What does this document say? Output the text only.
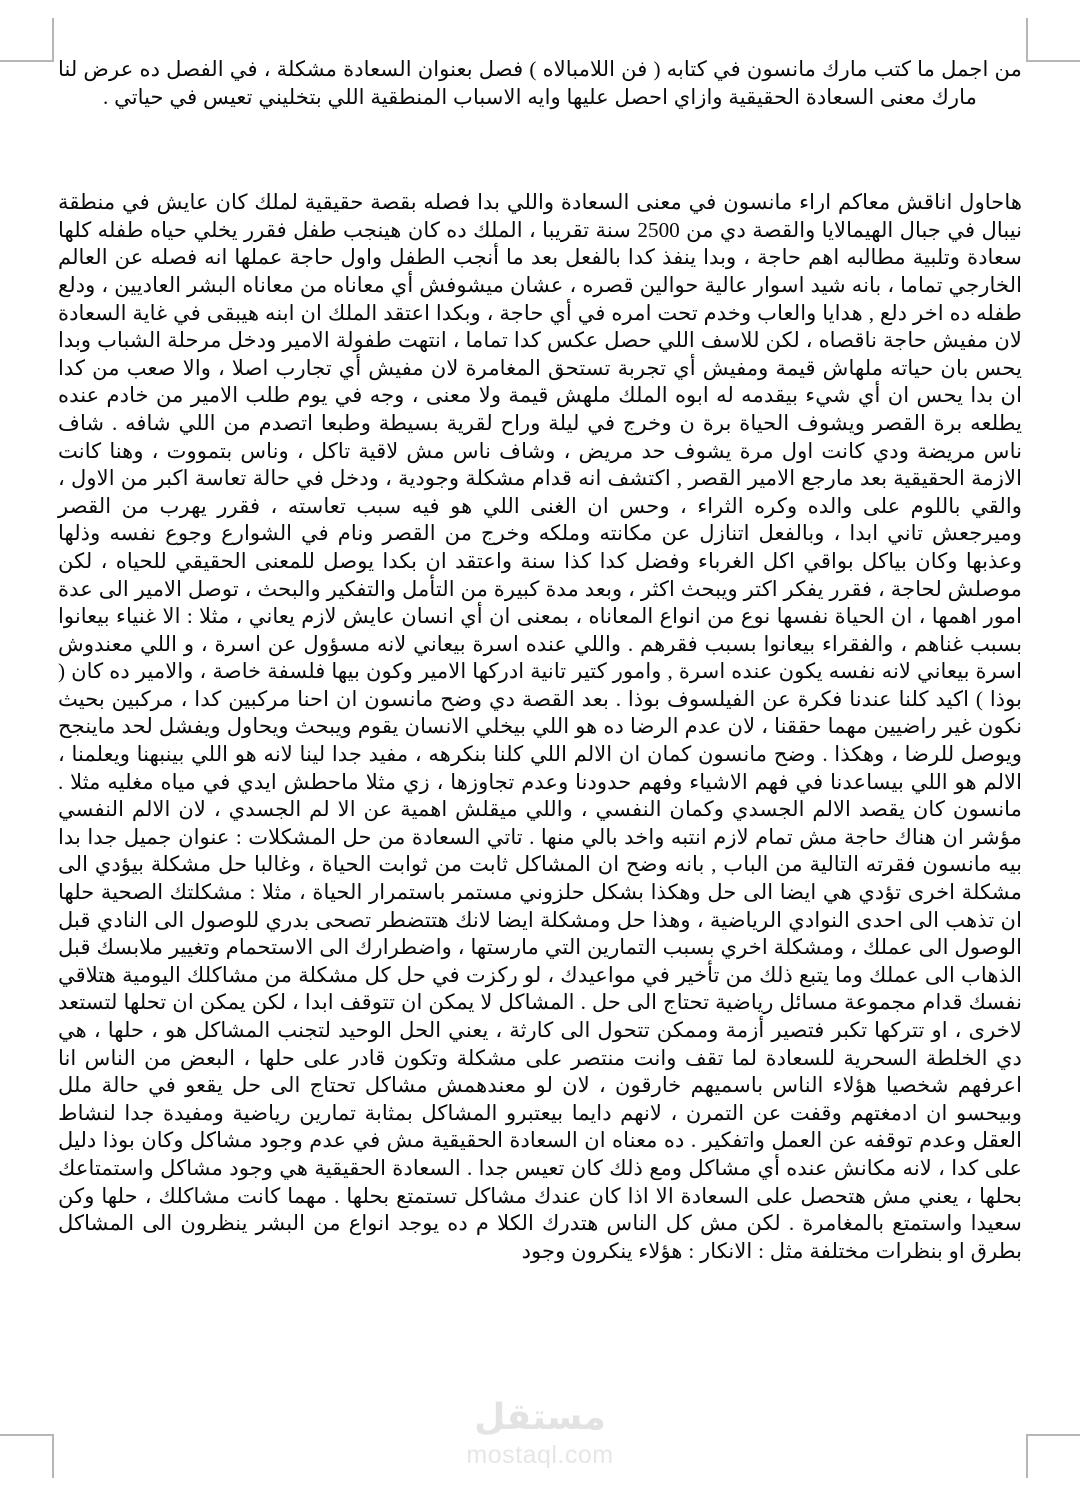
من اجمل ما كتب مارك مانسون في كتابه ( فن اللامبالاه ) فصل بعنوان السعادة مشكلة ، في الفصل ده عرض لنا مارك معنى السعادة الحقيقية وازاي احصل عليها وايه الاسباب المنطقية اللي بتخليني تعيس في حياتي .

هاحاول اناقش معاكم اراء مانسون في معنى السعادة واللي بدا فصله بقصة حقيقية لملك كان عايش في منطقة نيبال في جبال الهيمالايا والقصة دي من 2500 سنة تقريبا ، الملك ده كان هينجب طفل فقرر يخلي حياه طفله كلها سعادة وتلبية مطالبه اهم حاجة ، وبدا ينفذ كدا بالفعل بعد ما أنجب الطفل واول حاجة عملها انه فصله عن العالم الخارجي تماما ، بانه شيد اسوار عالية حوالين قصره ، عشان ميشوفش أي معاناه من معاناه البشر العاديين ، ودلع طفله ده اخر دلع , هدايا والعاب وخدم تحت امره في أي حاجة ، وبكدا اعتقد الملك ان ابنه هيبقى في غاية السعادة لان مفيش حاجة ناقصاه ، لكن للاسف اللي حصل عكس كدا تماما ، انتهت طفولة الامير ودخل مرحلة الشباب وبدا يحس بان حياته ملهاش قيمة ومفيش أي تجربة تستحق المغامرة لان مفيش أي تجارب اصلا ، والا صعب من كدا ان بدا يحس ان أي شيء بيقدمه له ابوه الملك ملهش قيمة ولا معنى ، وجه في يوم طلب الامير من خادم عنده يطلعه برة القصر ويشوف الحياة برة ن وخرج في ليلة وراح لقرية بسيطة وطبعا اتصدم من اللي شافه . شاف ناس مريضة ودي كانت اول مرة يشوف حد مريض ، وشاف ناس مش لاقية تاكل ، وناس بتمووت ، وهنا كانت الازمة الحقيقية بعد مارجع الامير القصر , اكتشف انه قدام مشكلة وجودية ، ودخل في حالة تعاسة اكبر من الاول ، والقي باللوم على والده وكره الثراء ، وحس ان الغنى اللي هو فيه سبب تعاسته ، فقرر يهرب من القصر وميرجعش تاني ابدا ، وبالفعل اتنازل عن مكانته وملكه وخرج من القصر ونام في الشوارع وجوع نفسه وذلها وعذبها وكان بياكل بواقي اكل الغرباء وفضل كدا كذا سنة واعتقد ان بكدا يوصل للمعنى الحقيقي للحياه ، لكن موصلش لحاجة ، فقرر يفكر اكتر ويبحث اكثر ، وبعد مدة كبيرة من التأمل والتفكير والبحث ، توصل الامير الى عدة امور اهمها ، ان الحياة نفسها نوع من انواع المعاناه ، بمعنى ان أي انسان عايش لازم يعاني ، مثلا : الا غنياء بيعانوا بسبب غناهم ، والفقراء بيعانوا بسبب فقرهم . واللي عنده اسرة بيعاني لانه مسؤول عن اسرة ، و اللي معندوش اسرة بيعاني لانه نفسه يكون عنده اسرة , وامور كتير تانية ادركها الامير وكون بيها فلسفة خاصة ، والامير ده كان ( بوذا ) اكيد كلنا عندنا فكرة عن الفيلسوف بوذا . بعد القصة دي وضح مانسون ان احنا مركبين كدا ، مركبين بحيث نكون غير راضيين مهما حققنا ، لان عدم الرضا ده هو اللي بيخلي الانسان يقوم ويبحث ويحاول ويفشل لحد ماينجح ويوصل للرضا ، وهكذا . وضح مانسون كمان ان الالم اللي كلنا بنكرهه ، مفيد جدا لينا لانه هو اللي بينبهنا ويعلمنا ، الالم هو اللي بيساعدنا في فهم الاشياء وفهم حدودنا وعدم تجاوزها ، زي مثلا ماحطش ايدي في مياه مغليه مثلا . مانسون كان يقصد الالم الجسدي وكمان النفسي ، واللي ميقلش اهمية عن الا لم الجسدي ، لان الالم النفسي مؤشر ان هناك حاجة مش تمام لازم انتبه واخد بالي منها . تاتي السعادة من حل المشكلات : عنوان جميل جدا بدا بيه مانسون فقرته التالية من الباب , بانه وضح ان المشاكل ثابت من ثوابت الحياة ، وغالبا حل مشكلة بيؤدي الى مشكلة اخرى تؤدي هي ايضا الى حل وهكذا بشكل حلزوني مستمر باستمرار الحياة ، مثلا : مشكلتك الصحية حلها ان تذهب الى احدى النوادي الرياضية ، وهذا حل ومشكلة ايضا لانك هتتضطر تصحى بدري للوصول الى النادي قبل الوصول الى عملك ، ومشكلة اخري بسبب التمارين التي مارستها ، واضطرارك الى الاستحمام وتغيير ملابسك قبل الذهاب الى عملك وما يتبع ذلك من تأخير في مواعيدك ، لو ركزت في حل كل مشكلة من مشاكلك اليومية هتلاقي نفسك قدام مجموعة مسائل رياضية تحتاج الى حل . المشاكل لا يمكن ان تتوقف ابدا ، لكن يمكن ان تحلها لتستعد لاخرى ، او تتركها تكبر فتصير أزمة وممكن تتحول الى كارثة ، يعني الحل الوحيد لتجنب المشاكل هو ، حلها ، هي دي الخلطة السحرية للسعادة لما تقف وانت منتصر على مشكلة وتكون قادر على حلها ، البعض من الناس انا اعرفهم شخصيا هؤلاء الناس باسميهم خارقون ، لان لو معندهمش مشاكل تحتاج الى حل يقعو في حالة ملل وبيحسو ان ادمغتهم وقفت عن التمرن ، لانهم دايما بيعتبرو المشاكل بمثابة تمارين رياضية ومفيدة جدا لنشاط العقل وعدم توقفه عن العمل واتفكير . ده معناه ان السعادة الحقيقية مش في عدم وجود مشاكل وكان بوذا دليل على كدا ، لانه مكانش عنده أي مشاكل ومع ذلك كان تعيس جدا . السعادة الحقيقية هي وجود مشاكل واستمتاعك بحلها ، يعني مش هتحصل على السعادة الا اذا كان عندك مشاكل تستمتع بحلها . مهما كانت مشاكلك ، حلها وكن سعيدا واستمتع بالمغامرة . لكن مش كل الناس هتدرك الكلا م ده يوجد انواع من البشر ينظرون الى المشاكل بطرق او بنظرات مختلفة مثل : الانكار : هؤلاء ينكرون وجود

مستقل
mostaql.com
